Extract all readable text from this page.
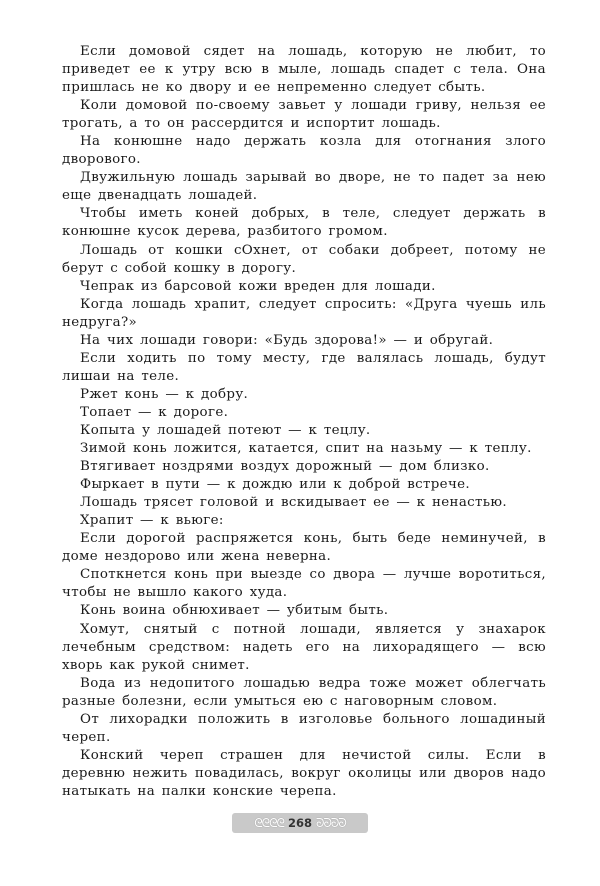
Если домовой сядет на лошадь, которую не любит, то приведет ее к утру всю в мыле, лошадь спадет с тела. Она пришлась не ко двору и ее непременно следует сбыть.

Коли домовой по-своему завьет у лошади гриву, нельзя ее трогать, а то он рассердится и испортит лошадь.

На конюшне надо держать козла для отогнания злого дворового.

Двужильную лошадь зарывай во дворе, не то падет за нею еще двенадцать лошадей.

Чтобы иметь коней добрых, в теле, следует держать в конюшне кусок дерева, разбитого громом.

Лошадь от кошки сОхнет, от собаки добреет, потому не берут с собой кошку в дорогу.

Чепрак из барсовой кожи вреден для лошади.

Когда лошадь храпит, следует спросить: «Друга чуешь иль недруга?»

На чих лошади говори: «Будь здорова!» — и обругай.

Если ходить по тому месту, где валялась лошадь, будут лишаи на теле.

Ржет конь — к добру.

Топает — к дороге.

Копыта у лошадей потеют — к тецлу.

Зимой конь ложится, катается, спит на назьму — к теплу.

Втягивает ноздрями воздух дорожный — дом близко.

Фыркает в пути — к дождю или к доброй встрече.

Лошадь трясет головой и вскидывает ее — к ненастью.

Храпит — к вьюге:

Если дорогой распряжется конь, быть беде неминучей, в доме нездорово или жена неверна.

Споткнется конь при выезде со двора — лучше воротиться, чтобы не вышло какого худа.

Конь воина обнюхивает — убитым быть.

Хомут, снятый с потной лошади, является у знахарок лечебным средством: надеть его на лихорадящего — всю хворь как рукой снимет.

Вода из недопитого лошадью ведра тоже может облегчать разные болезни, если умыться ею с наговорным словом.

От лихорадки положить в изголовье больного лошадиный череп.

Конский череп страшен для нечистой силы. Если в деревню нежить повадилась, вокруг околицы или дворов надо натыкать на палки конские черепа.

ᘓᘓᘓᘓ 268 ᘐᘐᘐᘐ
